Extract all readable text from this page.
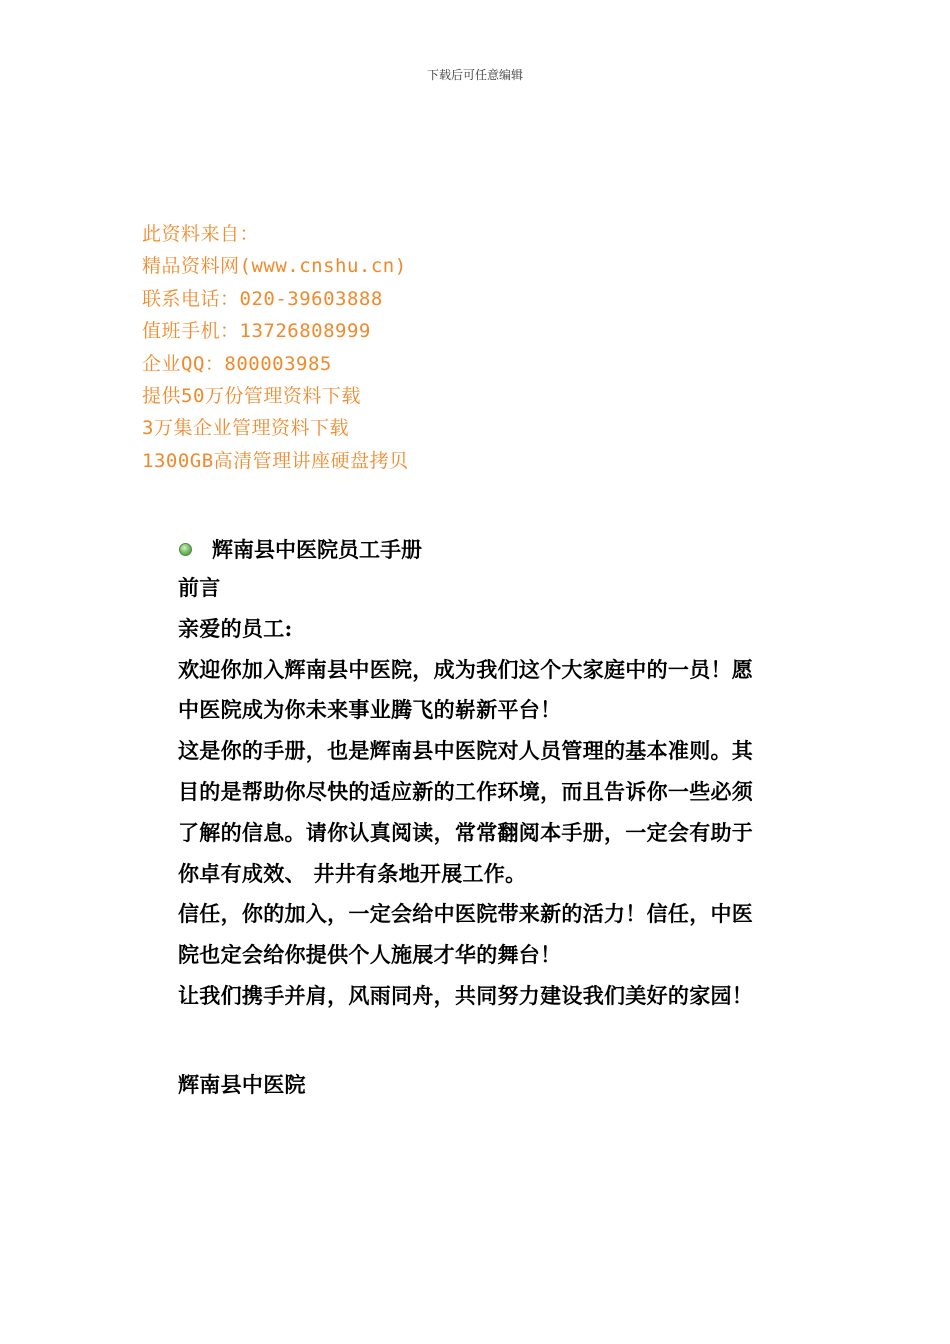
下载后可任意编辑
此资料来自：
精品资料网(www.cnshu.cn)
联系电话：020-39603888
值班手机：13726808999
企业QQ：800003985
提供50万份管理资料下载
3万集企业管理资料下载
1300GB高清管理讲座硬盘拷贝
辉南县中医院员工手册

前言

亲爱的员工:

欢迎你加入辉南县中医院，成为我们这个大家庭中的一员！愿

中医院成为你未来事业腾飞的崭新平台！

这是你的手册，也是辉南县中医院对人员管理的基本准则。其

目的是帮助你尽快的适应新的工作环境，而且告诉你一些必须

了解的信息。请你认真阅读，常常翻阅本手册，一定会有助于

你卓有成效、 井井有条地开展工作。

信任，你的加入，一定会给中医院带来新的活力！信任，中医

院也定会给你提供个人施展才华的舞台！

让我们携手并肩，风雨同舟，共同努力建设我们美好的家园！

辉南县中医院
